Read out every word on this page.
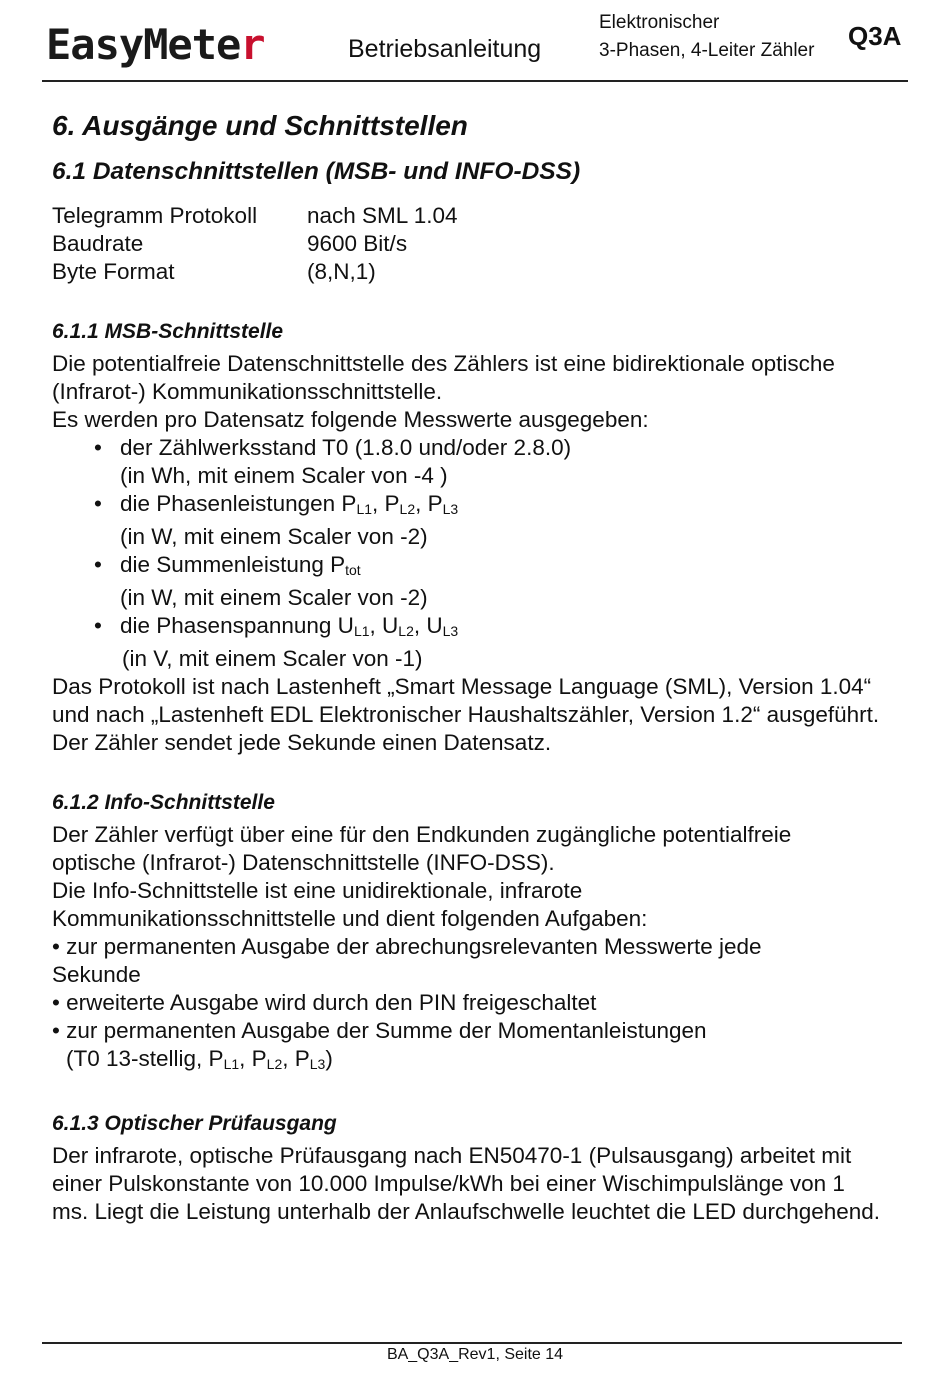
EasyMeter	Betriebsanleitung
Elektronischer
3-Phasen, 4-Leiter Zähler Q3A
6. Ausgänge und Schnittstellen
6.1 Datenschnittstellen (MSB- und INFO-DSS)
Telegramm Protokoll	nach SML 1.04
Baudrate	9600 Bit/s
Byte Format	(8,N,1)
6.1.1 MSB-Schnittstelle

Die potentialfreie Datenschnittstelle des Zählers ist eine bidirektionale optische (Infrarot-) Kommunikationsschnittstelle.

Es werden pro Datensatz folgende Messwerte ausgegeben:

• der Zählwerksstand T0 (1.8.0 und/oder 2.8.0)
(in Wh, mit einem Scaler von -4 )
• die Phasenleistungen $P_{L1}$, $P_{L2}$, $P_{L3}$
(in W, mit einem Scaler von -2)
• die Summenleistung $P_{tot}$
(in W, mit einem Scaler von -2)
• die Phasenspannung $U_{L1}$, $U_{L2}$, $U_{L3}$
(in V, mit einem Scaler von -1)

Das Protokoll ist nach Lastenheft „Smart Message Language (SML), Version 1.04“ und nach „Lastenheft EDL Elektronischer Haushaltszähler, Version 1.2“ ausgeführt. Der Zähler sendet jede Sekunde einen Datensatz.

6.1.2 Info-Schnittstelle

Der Zähler verfügt über eine für den Endkunden zugängliche potentialfreie optische (Infrarot-) Datenschnittstelle (INFO-DSS).

Die Info-Schnittstelle ist eine unidirektionale, infrarote Kommunikationsschnittstelle und dient folgenden Aufgaben:

• zur permanenten Ausgabe der abrechungsrelevanten Messwerte jede Sekunde

• erweiterte Ausgabe wird durch den PIN freigeschaltet

• zur permanenten Ausgabe der Summe der Momentanleistungen

(T0 13-stellig, $P_{L1}$, $P_{L2}$, $P_{L3}$)

6.1.3 Optischer Prüfausgang

Der infrarote, optische Prüfausgang nach EN50470-1 (Pulsausgang) arbeitet mit einer Pulskonstante von 10.000 Impulse/kWh bei einer Wischimpulslänge von 1 ms. Liegt die Leistung unterhalb der Anlaufschwelle leuchtet die LED durchgehend.

BA_Q3A_Rev1, Seite 14
